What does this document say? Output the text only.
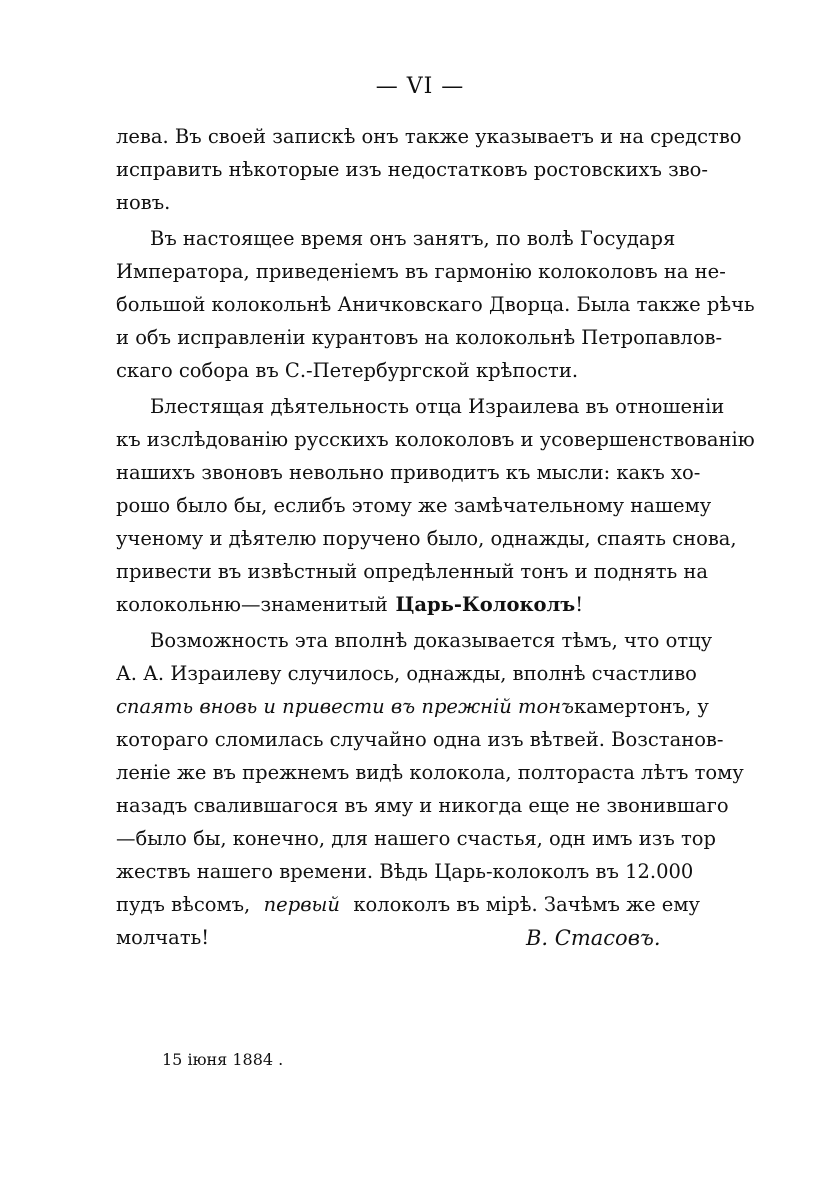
— VI —
лева. Въ своей запискѣ онъ также указываетъ и на средство
исправить нѣкоторые изъ недостатковъ ростовскихъ зво-
новъ.
Въ настоящее время онъ занятъ, по волѣ Государя
Императора, приведеніемъ въ гармонію колоколовъ на не-
большой колокольнѣ Аничковскаго Дворца. Была также рѣчь
и объ исправленіи курантовъ на колокольнѣ Петропавлов-
скаго собора въ С.-Петербургской крѣпости.
Блестящая дѣятельность отца Израилева въ отношеніи
къ изслѣдованію русскихъ колоколовъ и усовершенствованію
нашихъ звоновъ невольно приводитъ къ мысли: какъ хо-
рошо было бы, еслибъ этому же замѣчательному нашему
ученому и дѣятелю поручено было, однажды, спаять снова,
привести въ извѣстный опредѣленный тонъ и поднять на
колокольню—знаменитый Царь-Колоколъ !
Возможность эта вполнѣ доказывается тѣмъ, что отцу
А. А. Израилеву случилось, однажды, вполнѣ счастливо
спаять вновь и привести въ прежній тонъ камертонъ, у
котораго сломилась случайно одна изъ вѣтвей. Возстанов-
леніе же въ прежнемъ видѣ колокола, полтораста лѣтъ тому
назадъ свалившагося въ яму и никогда еще не звонившаго
—было бы, конечно, для нашего счастья, одн имъ изъ тор
жествъ нашего времени. Вѣдь Царь-колоколъ въ 12.000
пудъ вѣсомъ, первый колоколъ въ мірѣ. Зачѣмъ же ему
молчать!	В. Стасовъ.
15 іюня 1884 .
